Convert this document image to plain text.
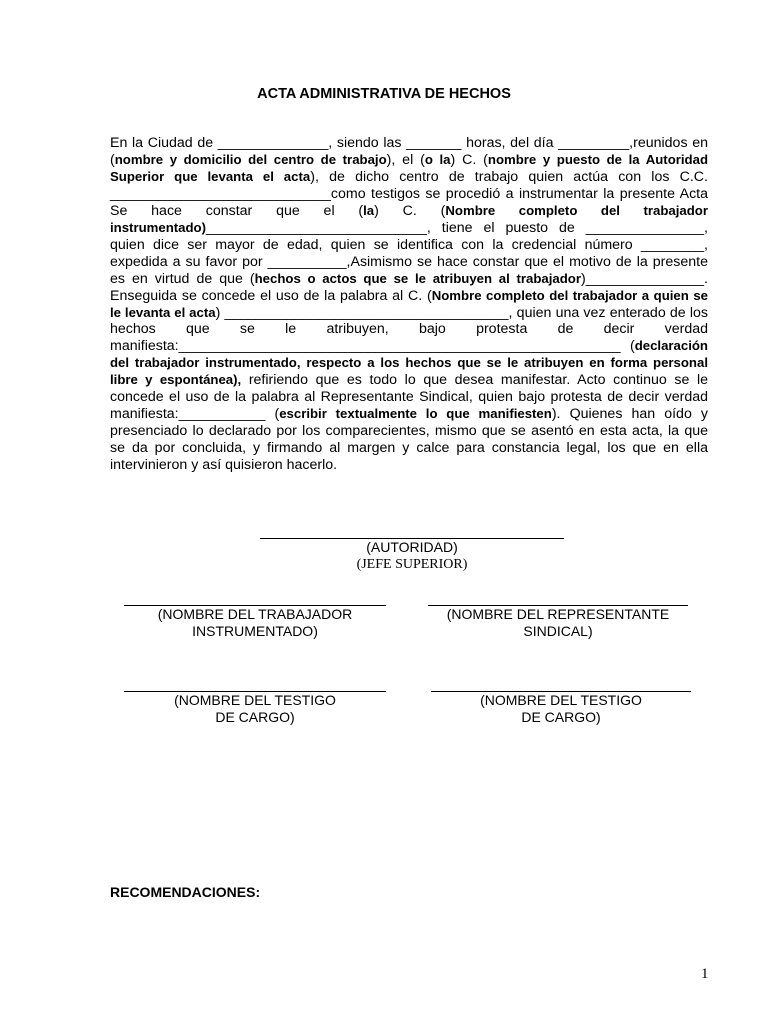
ACTA ADMINISTRATIVA DE HECHOS
En la Ciudad de ______________, siendo las _______ horas, del día _________,reunidos en (nombre y domicilio del centro de trabajo), el (o la) C. (nombre y puesto de la Autoridad Superior que levanta el acta), de dicho centro de trabajo quien actúa con los C.C. ____________________________como testigos se procedió a instrumentar la presente Acta Se hace constar que el (la) C. (Nombre completo del trabajador instrumentado)____________________________, tiene el puesto de _______________, quien dice ser mayor de edad, quien se identifica con la credencial número ________, expedida a su favor por __________,Asimismo se hace constar que el motivo de la presente es en virtud de que (hechos o actos que se le atribuyen al trabajador)_______________. Enseguida se concede el uso de la palabra al C. (Nombre completo del trabajador a quien se le levanta el acta) ____________________________________, quien una vez enterado de los hechos que se le atribuyen, bajo protesta de decir verdad manifiesta:________________________________________________________ (declaración del trabajador instrumentado, respecto a los hechos que se le atribuyen en forma personal libre y espontánea), refiriendo que es todo lo que desea manifestar. Acto continuo se le concede el uso de la palabra al Representante Sindical, quien bajo protesta de decir verdad manifiesta:___________ (escribir textualmente lo que manifiesten). Quienes han oído y presenciado lo declarado por los comparecientes, mismo que se asentó en esta acta, la que se da por concluida, y firmando al margen y calce para constancia legal, los que en ella intervinieron y así quisieron hacerlo.
(AUTORIDAD)
(JEFE SUPERIOR)
(NOMBRE DEL TRABAJADOR
INSTRUMENTADO)
(NOMBRE DEL REPRESENTANTE
SINDICAL)
(NOMBRE DEL TESTIGO
DE CARGO)
(NOMBRE DEL TESTIGO
DE CARGO)
RECOMENDACIONES:
1
